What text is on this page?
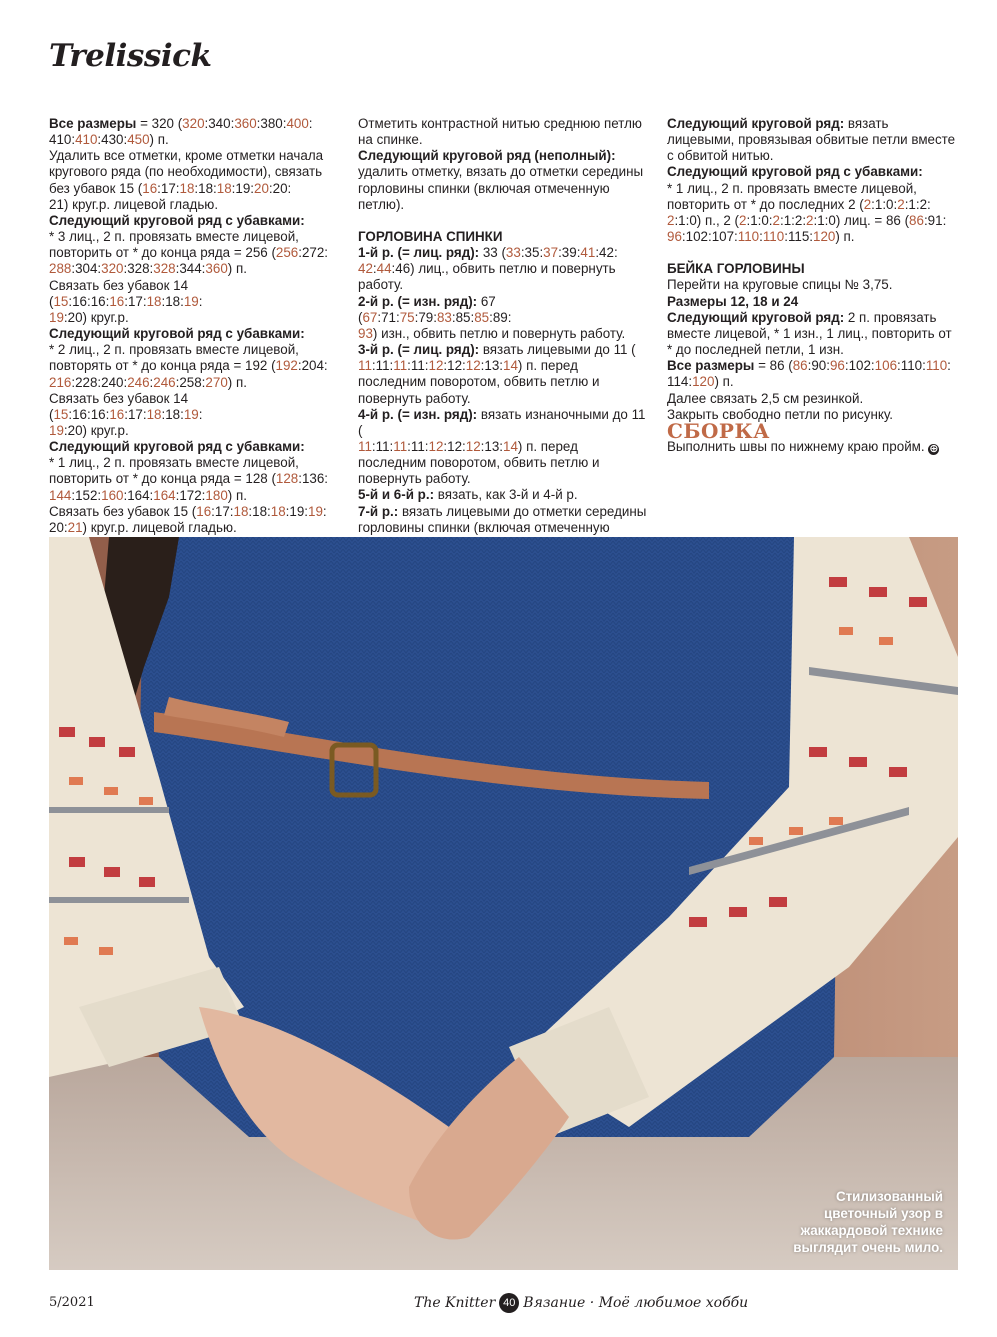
Trelissick

Все размеры = 320 (320:340:360:380:400:
410:410:430:450) п.

Удалить все отметки, кроме отметки начала кругового ряда (по необходимости), связать без убавок 15 (16:17:18:18:18:19:20:20:
21) круг.р. лицевой гладью.

Следующий круговой ряд с убавками:

* 3 лиц., 2 п. провязать вместе лицевой, повторить от * до конца ряда = 256 (256:272:
288:304:320:328:328:344:360) п.

Связать без убавок 14 (15:16:16:16:17:18:18:19:
19:20) круг.р.

Следующий круговой ряд с убавками:

* 2 лиц., 2 п. провязать вместе лицевой, повторять от * до конца ряда = 192 (192:204:
216:228:240:246:246:258:270) п.

Связать без убавок 14 (15:16:16:16:17:18:18:19:
19:20) круг.р.

Следующий круговой ряд с убавками:

* 1 лиц., 2 п. провязать вместе лицевой, повторить от * до конца ряда = 128 (128:136:
144:152:160:164:164:172:180) п.

Связать без убавок 15 (16:17:18:18:18:19:19:
20:21) круг.р. лицевой гладью.

Отметить контрастной нитью среднюю петлю на спинке.

Следующий круговой ряд (неполный):

удалить отметку, вязать до отметки середины горловины спинки (включая отмеченную петлю).

ГОРЛОВИНА СПИНКИ

1-й р. (= лиц. ряд): 33 (33:35:37:39:41:42:
42:44:46) лиц., обвить петлю и повернуть работу.

2-й р. (= изн. ряд): 67 (67:71:75:79:83:85:85:89:
93) изн., обвить петлю и повернуть работу.

3-й р. (= лиц. ряд): вязать лицевыми до 11 (
11:11:11:11:12:12:12:13:14) п. перед последним поворотом, обвить петлю и повернуть работу.

4-й р. (= изн. ряд): вязать изнаночными до 11 (
11:11:11:11:12:12:12:13:14) п. перед последним поворотом, обвить петлю и повернуть работу.

5-й и 6-й р.: вязать, как 3-й и 4-й р.

7-й р.: вязать лицевыми до отметки середины горловины спинки (включая отмеченную

Следующий круговой ряд: вязать лицевыми, провязывая обвитые петли вместе с обвитой нитью.

Следующий круговой ряд с убавками:

* 1 лиц., 2 п. провязать вместе лицевой, повторить от * до последних 2 (2:1:0:2:1:2:
2:1:0) п., 2 (2:1:0:2:1:2:2:1:0) лиц. = 86 (86:91:
96:102:107:110:110:115:120) п.

БЕЙКА ГОРЛОВИНЫ

Перейти на круговые спицы № 3,75.

Размеры 12, 18 и 24

Следующий круговой ряд: 2 п. провязать вместе лицевой, * 1 изн., 1 лиц., повторить от * до последней петли, 1 изн.

Все размеры = 86 (86:90:96:102:106:110:110:
114:120) п.

Далее связать 2,5 см резинкой.

Закрыть свободно петли по рисунку.

СБОРКА

Выполнить швы по нижнему краю пройм. ⊕

Стилизованный цветочный узор в жаккардовой технике выглядит очень мило.
5/2021	The Knitter 40 Вязание · Моё любимое хобби
